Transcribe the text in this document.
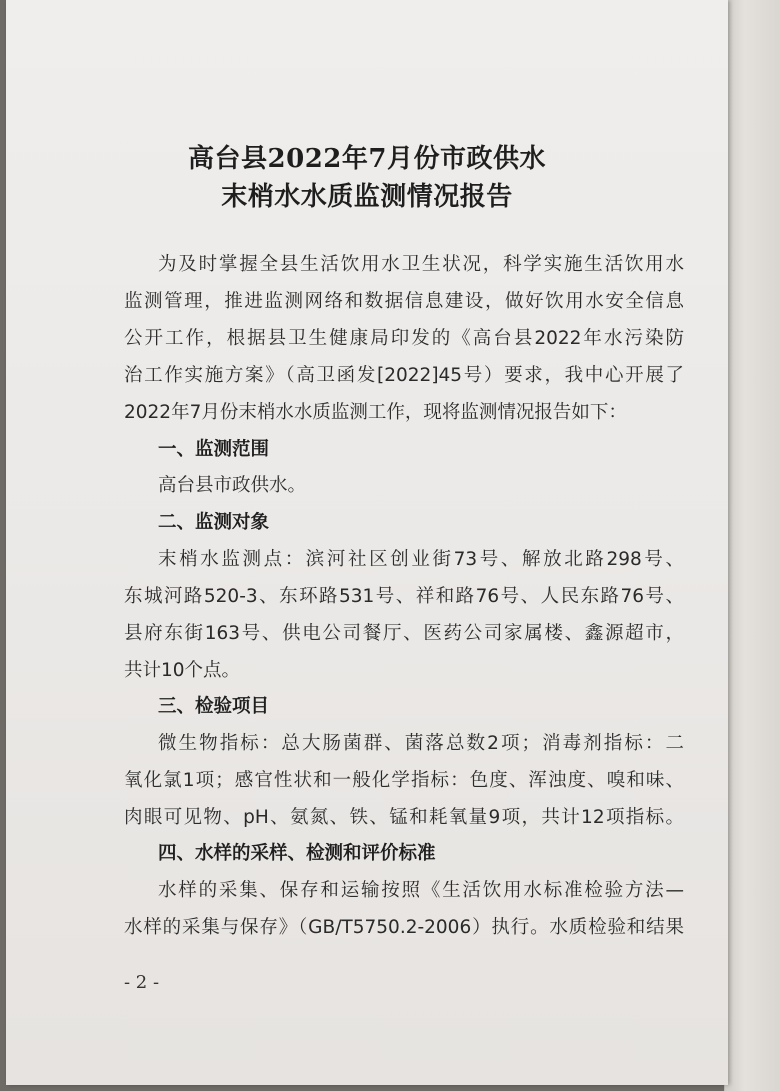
高台县2022年7月份市政供水
末梢水水质监测情况报告
为及时掌握全县生活饮用水卫生状况，科学实施生活饮用水
监测管理，推进监测网络和数据信息建设，做好饮用水安全信息
公开工作，根据县卫生健康局印发的《高台县2022年水污染防
治工作实施方案》（高卫函发[2022]45号）要求，我中心开展了
2022年7月份末梢水水质监测工作，现将监测情况报告如下：
一、监测范围
高台县市政供水。
二、监测对象
末梢水监测点：滨河社区创业街73号、解放北路298号、
东城河路520-3、东环路531号、祥和路76号、人民东路76号、
县府东街163号、供电公司餐厅、医药公司家属楼、鑫源超市，
共计10个点。
三、检验项目
微生物指标：总大肠菌群、菌落总数2项；消毒剂指标：二
氧化氯1项；感官性状和一般化学指标：色度、浑浊度、嗅和味、
肉眼可见物、pH、氨氮、铁、锰和耗氧量9项，共计12项指标。
四、水样的采样、检测和评价标准
水样的采集、保存和运输按照《生活饮用水标准检验方法—
水样的采集与保存》（GB/T5750.2-2006）执行。水质检验和结果
- 2 -
